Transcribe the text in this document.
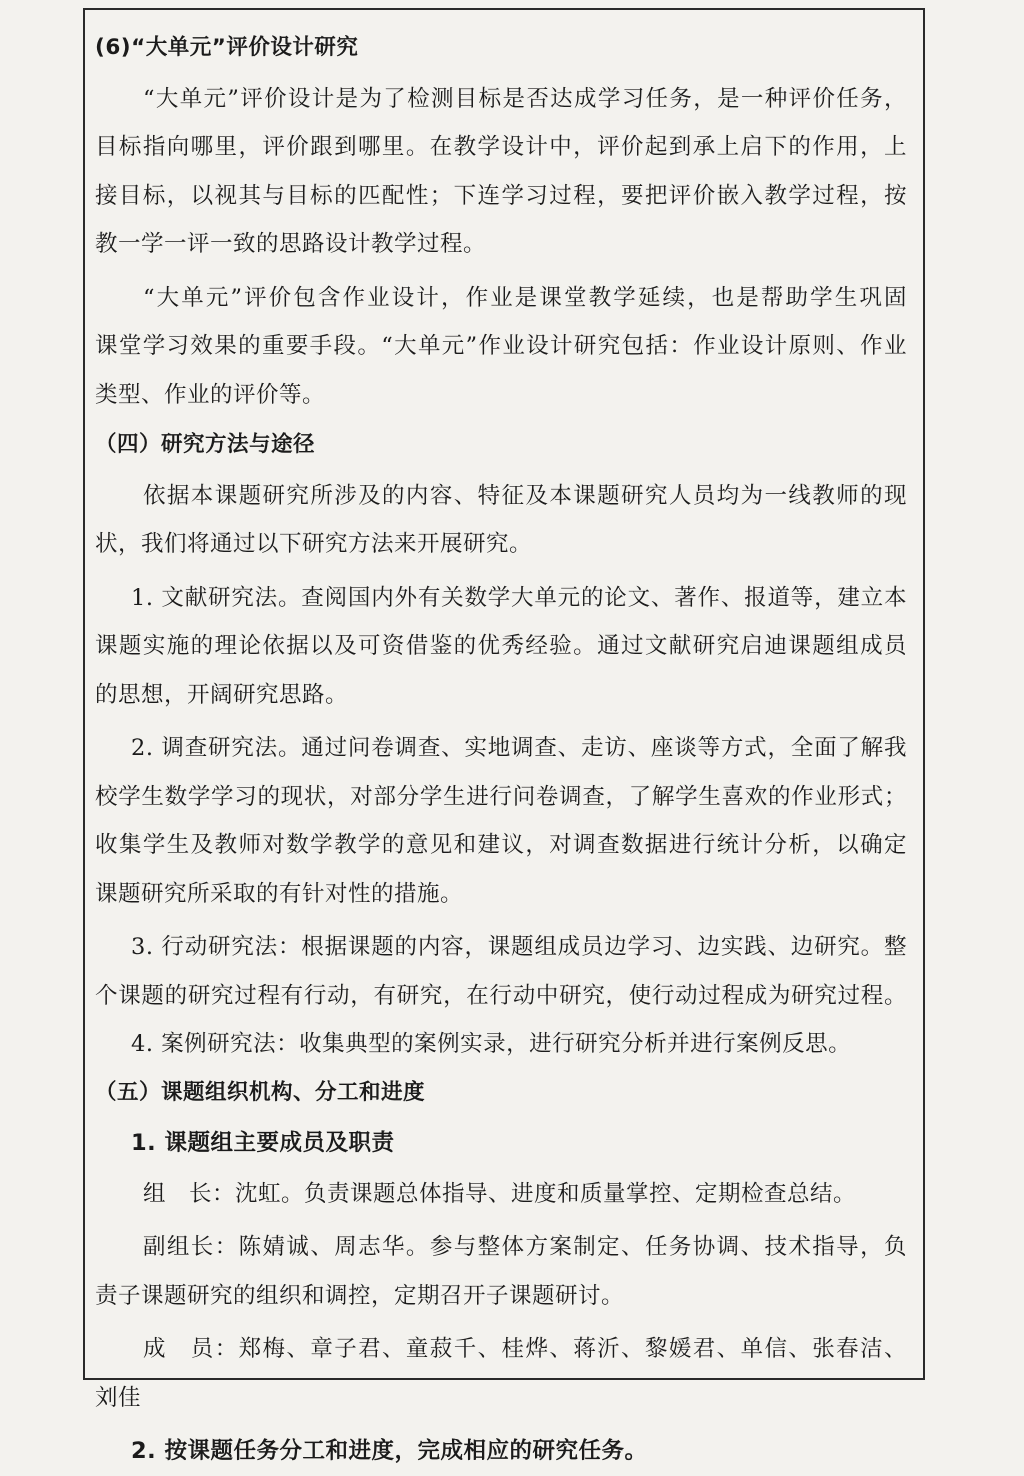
(6)“大单元”评价设计研究
“大单元”评价设计是为了检测目标是否达成学习任务，是一种评价任务，
目标指向哪里，评价跟到哪里。在教学设计中，评价起到承上启下的作用，上
接目标，以视其与目标的匹配性；下连学习过程，要把评价嵌入教学过程，按
教一学一评一致的思路设计教学过程。
“大单元”评价包含作业设计，作业是课堂教学延续，也是帮助学生巩固
课堂学习效果的重要手段。“大单元”作业设计研究包括：作业设计原则、作业
类型、作业的评价等。
（四）研究方法与途径
依据本课题研究所涉及的内容、特征及本课题研究人员均为一线教师的现
状，我们将通过以下研究方法来开展研究。
1. 文献研究法。查阅国内外有关数学大单元的论文、著作、报道等，建立本
课题实施的理论依据以及可资借鉴的优秀经验。通过文献研究启迪课题组成员
的思想，开阔研究思路。
2. 调查研究法。通过问卷调查、实地调查、走访、座谈等方式，全面了解我
校学生数学学习的现状，对部分学生进行问卷调查，了解学生喜欢的作业形式；
收集学生及教师对数学教学的意见和建议，对调查数据进行统计分析，以确定
课题研究所采取的有针对性的措施。
3. 行动研究法：根据课题的内容，课题组成员边学习、边实践、边研究。整
个课题的研究过程有行动，有研究，在行动中研究，使行动过程成为研究过程。
4. 案例研究法：收集典型的案例实录，进行研究分析并进行案例反思。
（五）课题组织机构、分工和进度
1. 课题组主要成员及职责
组　长：沈虹。负责课题总体指导、进度和质量掌控、定期检查总结。
副组长：陈婧诚、周志华。参与整体方案制定、任务协调、技术指导，负
责子课题研究的组织和调控，定期召开子课题研讨。
成　员：郑梅、章子君、童菽千、桂烨、蒋沂、黎媛君、单信、张春洁、
刘佳
2. 按课题任务分工和进度，完成相应的研究任务。
